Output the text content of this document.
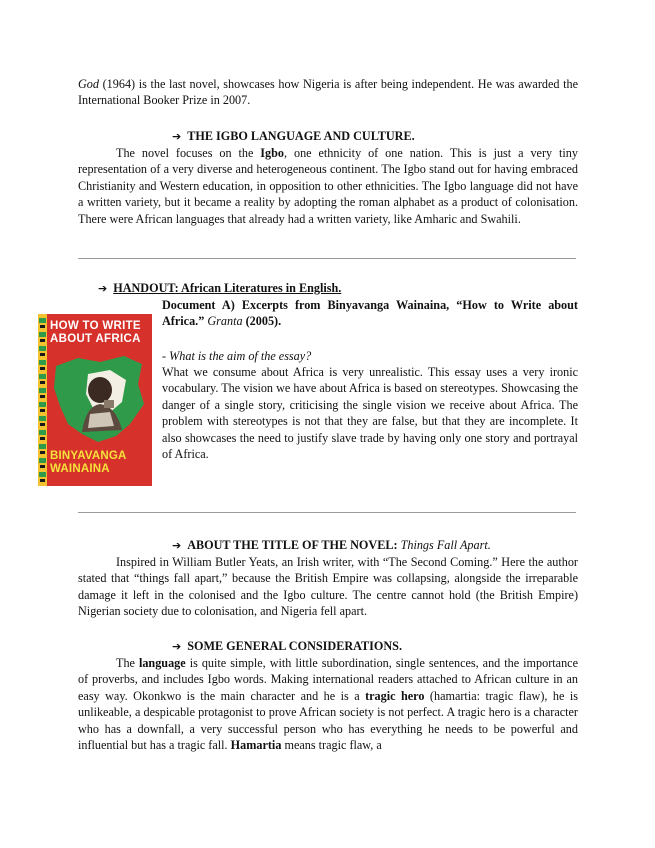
God (1964) is the last novel, showcases how Nigeria is after being independent. He was awarded the International Booker Prize in 2007.

➔ THE IGBO LANGUAGE AND CULTURE.

The novel focuses on the Igbo, one ethnicity of one nation. This is just a very tiny representation of a very diverse and heterogeneous continent. The Igbo stand out for having embraced Christianity and Western education, in opposition to other ethnicities. The Igbo language did not have a written variety, but it became a reality by adopting the roman alphabet as a product of colonisation. There were African languages that already had a written variety, like Amharic and Swahili.

➔ HANDOUT: African Literatures in English.

Document A) Excerpts from Binyavanga Wainaina, “How to Write about Africa.” Granta (2005).

- What is the aim of the essay?

What we consume about Africa is very unrealistic. This essay uses a very ironic vocabulary. The vision we have about Africa is based on stereotypes. Showcasing the danger of a single story, criticising the single vision we receive about Africa. The problem with stereotypes is not that they are false, but that they are incomplete. It also showcases the need to justify slave trade by having only one story and portrayal of Africa.

HOW TO WRITE
ABOUT AFRICA
BINYAVANGA
WAINAINA
➔ ABOUT THE TITLE OF THE NOVEL: Things Fall Apart.

Inspired in William Butler Yeats, an Irish writer, with “The Second Coming.” Here the author stated that “things fall apart,” because the British Empire was collapsing, alongside the irreparable damage it left in the colonised and the Igbo culture. The centre cannot hold (the British Empire) Nigerian society due to colonisation, and Nigeria fell apart.

➔ SOME GENERAL CONSIDERATIONS.

The language is quite simple, with little subordination, single sentences, and the importance of proverbs, and includes Igbo words. Making international readers attached to African culture in an easy way. Okonkwo is the main character and he is a tragic hero (hamartia: tragic flaw), he is unlikeable, a despicable protagonist to prove African society is not perfect. A tragic hero is a character who has a downfall, a very successful person who has everything he needs to be powerful and influential but has a tragic fall. Hamartia means tragic flaw, a
